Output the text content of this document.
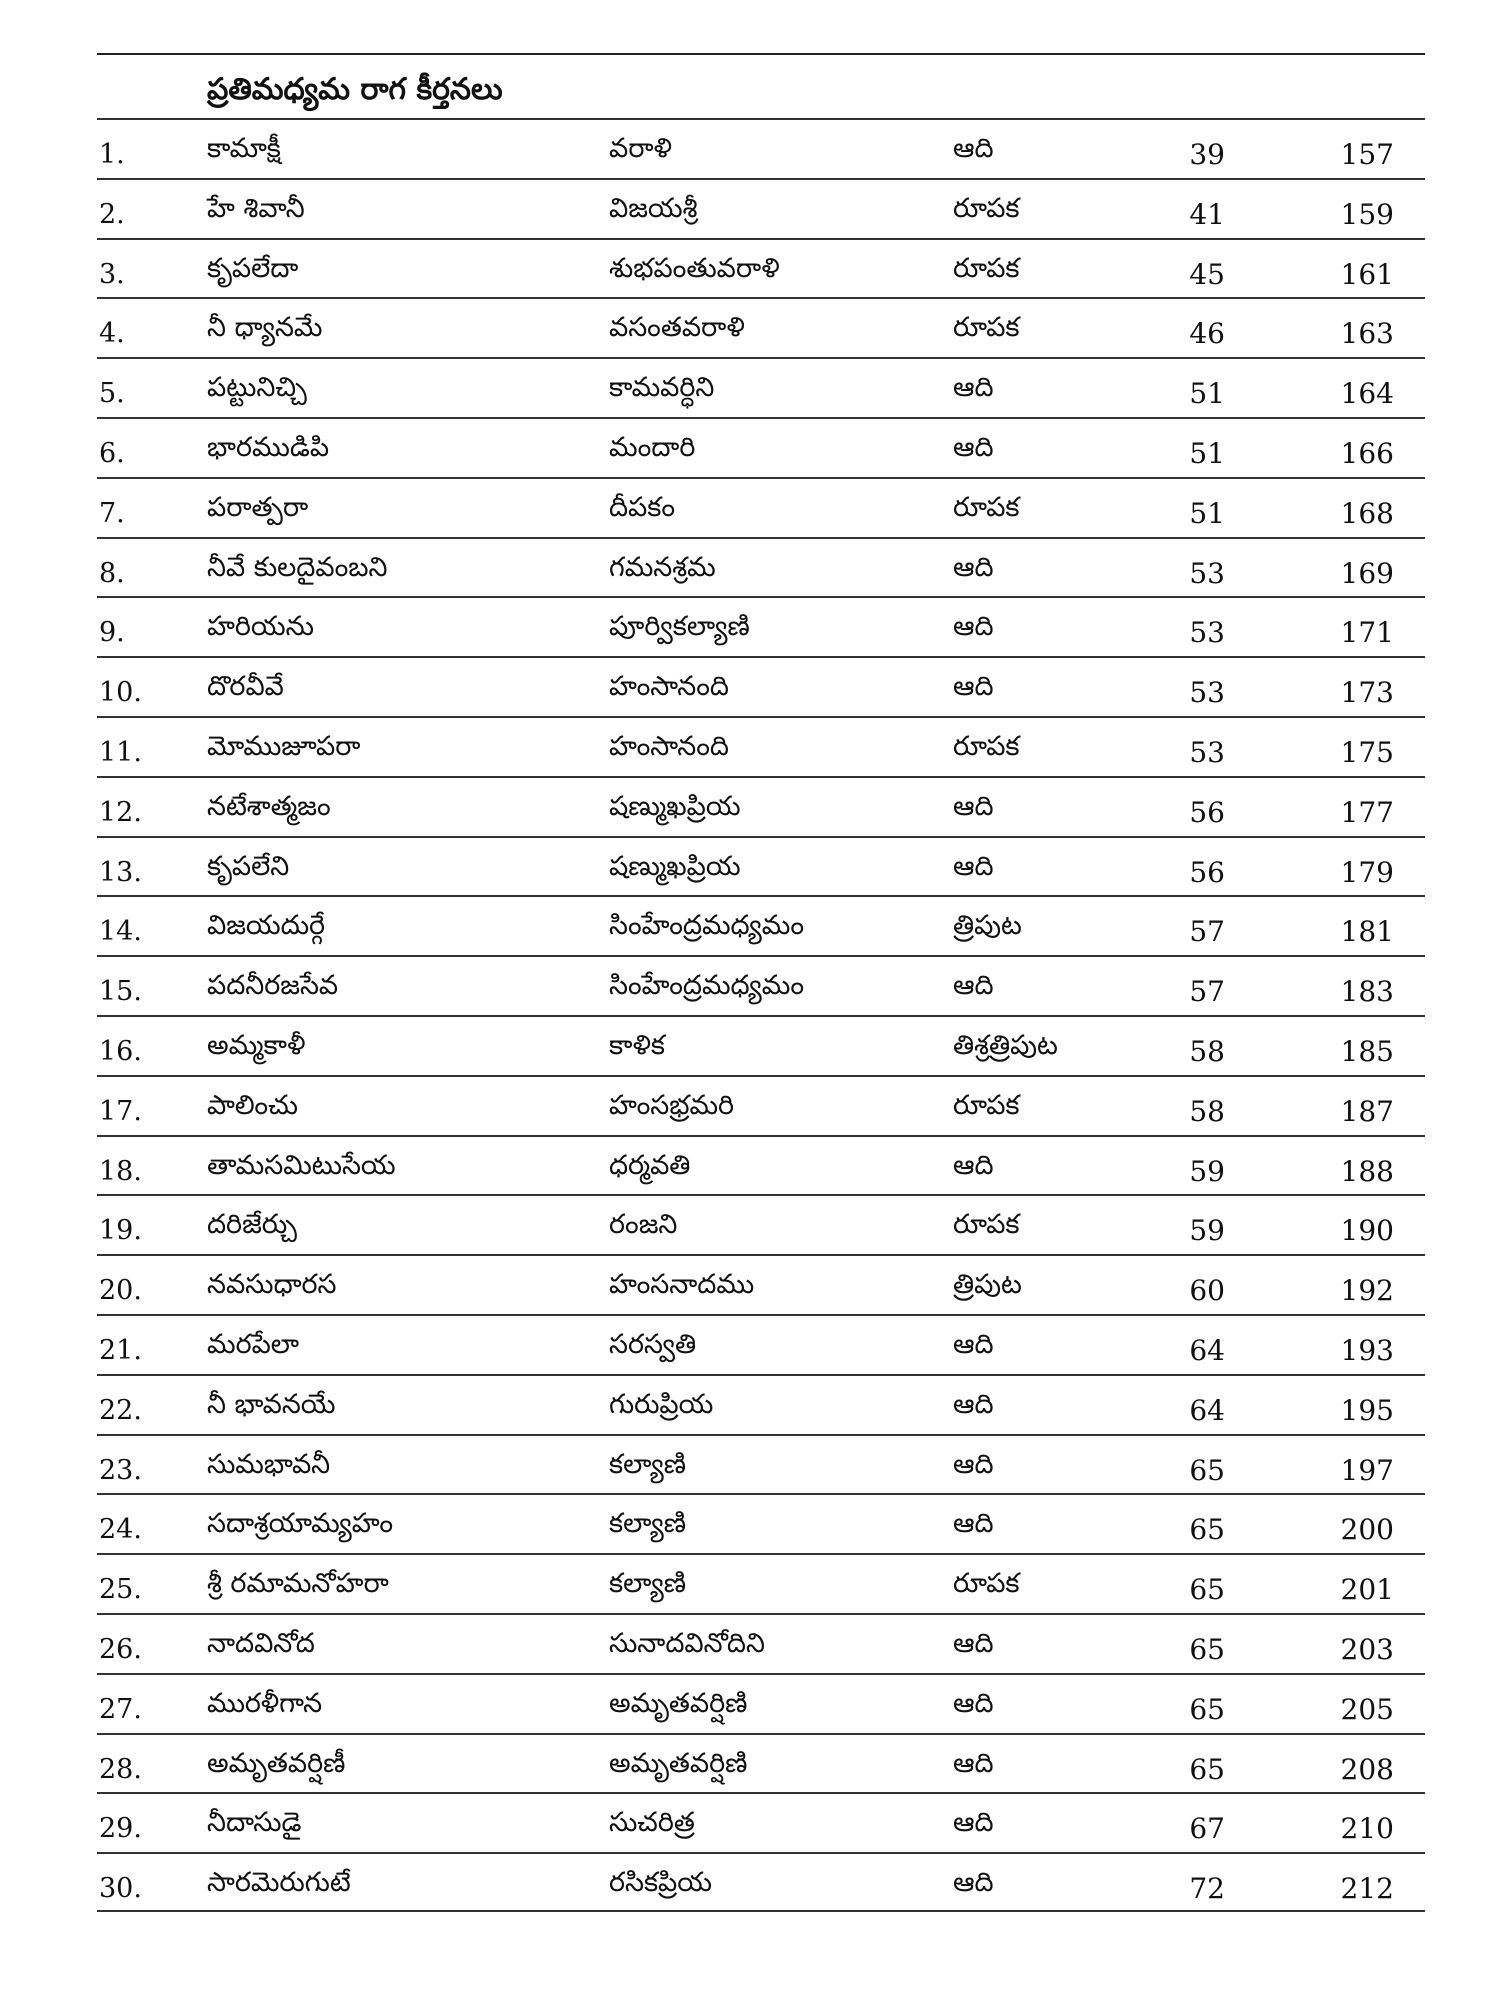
ప్రతిమధ్యమ రాగ కీర్తనలు
1.	కామాక్షీ	వరాళి	ఆది	39	157
2.	హే శివానీ	విజయశ్రీ	రూపక	41	159
3.	కృపలేదా	శుభపంతువరాళి	రూపక	45	161
4.	నీ ధ్యానమే	వసంతవరాళి	రూపక	46	163
5.	పట్టునిచ్చి	కామవర్ధిని	ఆది	51	164
6.	భారముడిపి	మందారి	ఆది	51	166
7.	పరాత్పరా	దీపకం	రూపక	51	168
8.	నీవే కులదైవంబని	గమనశ్రమ	ఆది	53	169
9.	హరియను	పూర్వికల్యాణి	ఆది	53	171
10. దొరవీవే	హంసానంది	ఆది	53	173
11. మోముజూపరా	హంసానంది	రూపక	53	175
12. నటేశాత్మజం	షణ్ముఖప్రియ	ఆది	56	177
13. కృపలేని	షణ్ముఖప్రియ	ఆది	56	179
14. విజయదుర్గే	సింహేంద్రమధ్యమం	త్రిపుట	57	181
15. పదనీరజసేవ	సింహేంద్రమధ్యమం	ఆది	57	183
16. అమ్మకాళీ	కాళిక	తిశ్రత్రిపుట	58	185
17. పాలించు	హంసభ్రమరి	రూపక	58	187
18. తామసమిటుసేయ	ధర్మవతి	ఆది	59	188
19. దరిజేర్చు	రంజని	రూపక	59	190
20. నవసుధారస	హంసనాదము	త్రిపుట	60	192
21. మరపేలా	సరస్వతి	ఆది	64	193
22. నీ భావనయే	గురుప్రియ	ఆది	64	195
23. సుమభావనీ	కల్యాణి	ఆది	65	197
24. సదాశ్రయామ్యహం	కల్యాణి	ఆది	65	200
25. శ్రీ రమామనోహరా	కల్యాణి	రూపక	65	201
26. నాదవినోద	సునాదవినోదిని	ఆది	65	203
27. మురళీగాన	అమృతవర్షిణి	ఆది	65	205
28. అమృతవర్షిణీ	అమృతవర్షిణి	ఆది	65	208
29. నీదాసుడై	సుచరిత్ర	ఆది	67	210
30. సారమెరుగుటే	రసికప్రియ	ఆది	72	212
